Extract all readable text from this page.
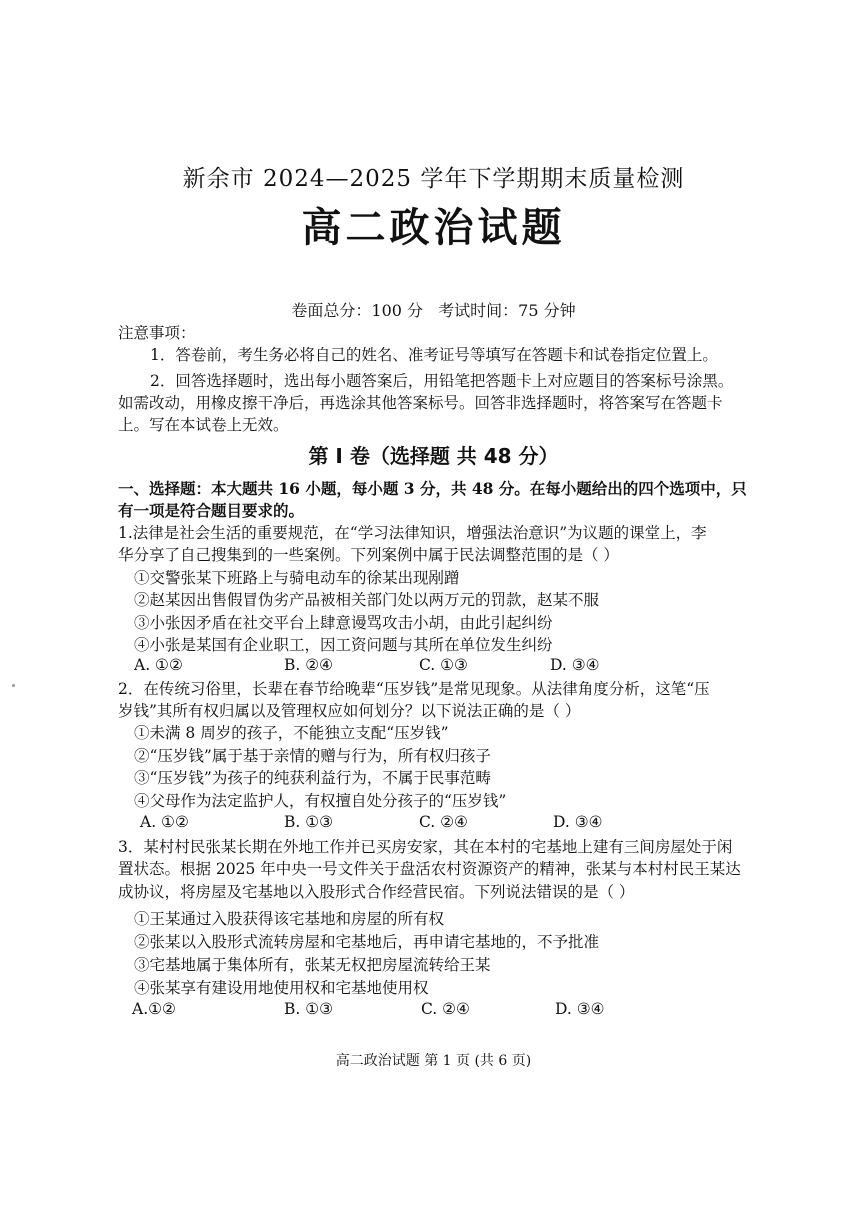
新余市 2024—2025 学年下学期期末质量检测
高二政治试题
卷面总分：100 分 考试时间：75 分钟
注意事项：
1．答卷前，考生务必将自己的姓名、准考证号等填写在答题卡和试卷指定位置上。
2．回答选择题时，选出每小题答案后，用铅笔把答题卡上对应题目的答案标号涂黑。
如需改动，用橡皮擦干净后，再选涂其他答案标号。回答非选择题时，将答案写在答题卡
上。写在本试卷上无效。
第 I 卷（选择题 共 48 分）
一、选择题：本大题共 16 小题，每小题 3 分，共 48 分。在每小题给出的四个选项中，只
有一项是符合题目要求的。
1.法律是社会生活的重要规范，在“学习法律知识，增强法治意识”为议题的课堂上，李
华分享了自己搜集到的一些案例。下列案例中属于民法调整范围的是（ ）
①交警张某下班路上与骑电动车的徐某出现剐蹭
②赵某因出售假冒伪劣产品被相关部门处以两万元的罚款，赵某不服
③小张因矛盾在社交平台上肆意谩骂攻击小胡，由此引起纠纷
④小张是某国有企业职工，因工资问题与其所在单位发生纠纷
A. ①②	B. ②④	C. ①③	D. ③④
2．在传统习俗里，长辈在春节给晚辈“压岁钱”是常见现象。从法律角度分析，这笔“压
岁钱”其所有权归属以及管理权应如何划分？以下说法正确的是（ ）
①未满 8 周岁的孩子，不能独立支配“压岁钱”
②“压岁钱”属于基于亲情的赠与行为，所有权归孩子
③“压岁钱”为孩子的纯获利益行为，不属于民事范畴
④父母作为法定监护人，有权擅自处分孩子的“压岁钱”
A. ①②	B. ①③	C. ②④	D. ③④
3．某村村民张某长期在外地工作并已买房安家，其在本村的宅基地上建有三间房屋处于闲
置状态。根据 2025 年中央一号文件关于盘活农村资源资产的精神，张某与本村村民王某达
成协议，将房屋及宅基地以入股形式合作经营民宿。下列说法错误的是（ ）
①王某通过入股获得该宅基地和房屋的所有权
②张某以入股形式流转房屋和宅基地后，再申请宅基地的，不予批准
③宅基地属于集体所有，张某无权把房屋流转给王某
④张某享有建设用地使用权和宅基地使用权
A.①②	B. ①③	C. ②④	D. ③④
高二政治试题 第 1 页 (共 6 页)
